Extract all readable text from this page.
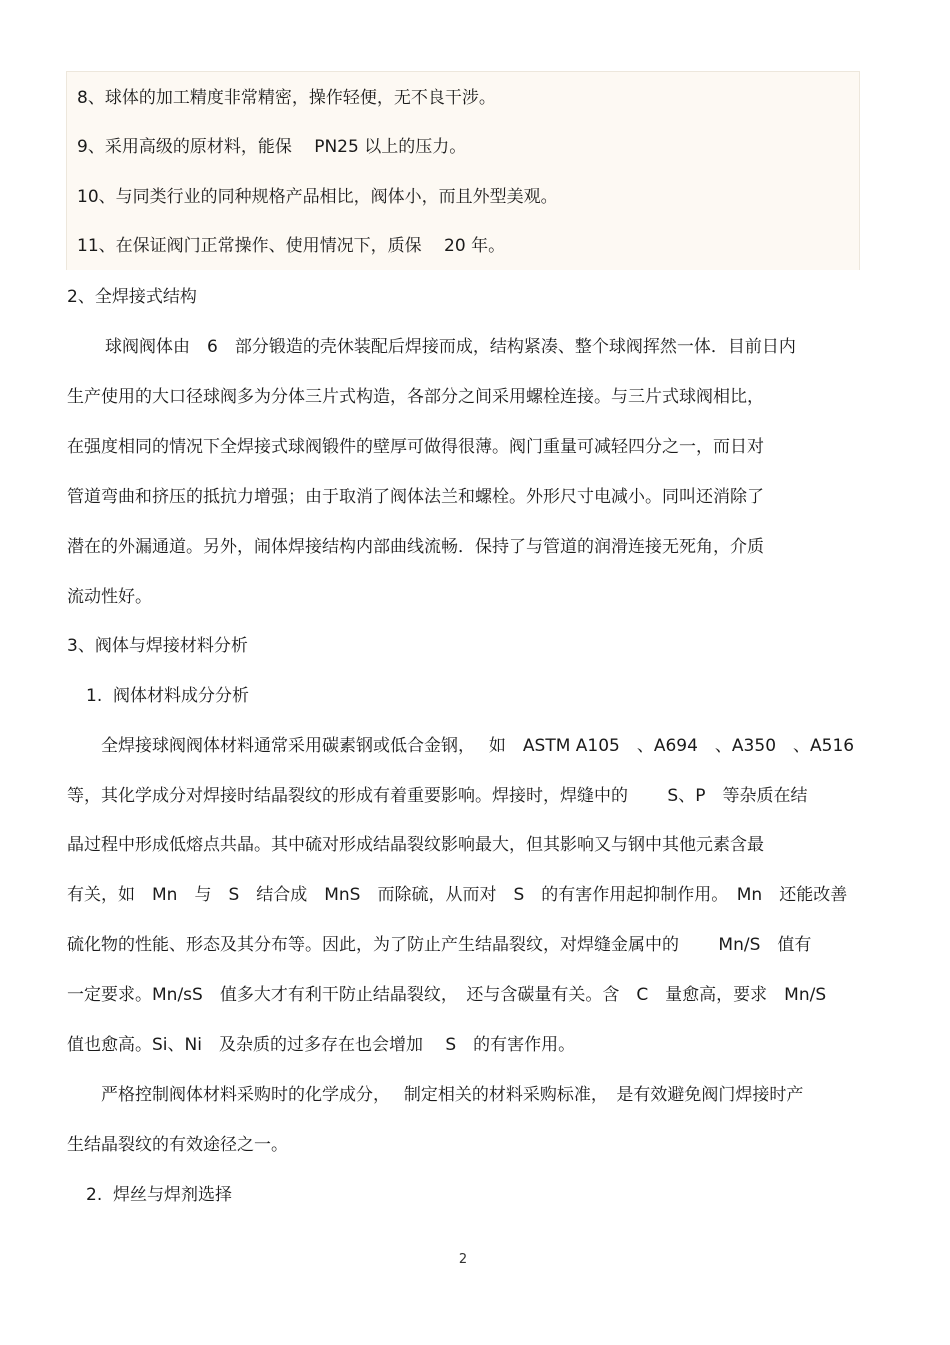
8、球体的加工精度非常精密，操作轻便，无不良干涉。
9、采用高级的原材料，能保　 PN25 以上的压力。
10、与同类行业的同种规格产品相比，阀体小，而且外型美观。
11、在保证阀门正常操作、使用情况下，质保　 20 年。
2、全焊接式结构
　球阀阀体由　6　部分锻造的壳休装配后焊接而成，结构紧凑、整个球阀挥然一体．目前日内
生产使用的大口径球阀多为分体三片式构造，各部分之间采用螺栓连接。与三片式球阀相比，
在强度相同的情况下全焊接式球阀锻件的壁厚可做得很薄。阀门重量可减轻四分之一，而日对
管道弯曲和挤压的抵抗力增强；由于取消了阀体法兰和螺栓。外形尺寸电减小。同叫还消除了
潜在的外漏通道。另外，闹体焊接结构内部曲线流畅．保持了与管道的润滑连接无死角，介质
流动性好。
3、阀体与焊接材料分析
1.  阀体材料成分分析
全焊接球阀阀体材料通常采用碳素钢或低合金钢，　 如　ASTM A105　、A694　、A350　、A516
等，其化学成分对焊接时结晶裂纹的形成有着重要影响。焊接时，焊缝中的　　 S、P　等杂质在结
晶过程中形成低熔点共晶。其中硫对形成结晶裂纹影响最大，但其影响又与钢中其他元素含最
有关，如　Mn　与　S　结合成　MnS　而除硫，从而对　S　的有害作用起抑制作用。　Mn　还能改善
硫化物的性能、形态及其分布等。因此，为了防止产生结晶裂纹，对焊缝金属中的　　 Mn/S　值有
一定要求。Mn/sS　值多大才有利干防止结晶裂纹，　还与含碳量有关。含　C　量愈高，要求　Mn/S
值也愈高。Si、Ni　及杂质的过多存在也会增加　 S　的有害作用。
严格控制阀体材料采购时的化学成分，　 制定相关的材料采购标准，　是有效避免阀门焊接时产
生结晶裂纹的有效途径之一。
2.  焊丝与焊剂选择
2
